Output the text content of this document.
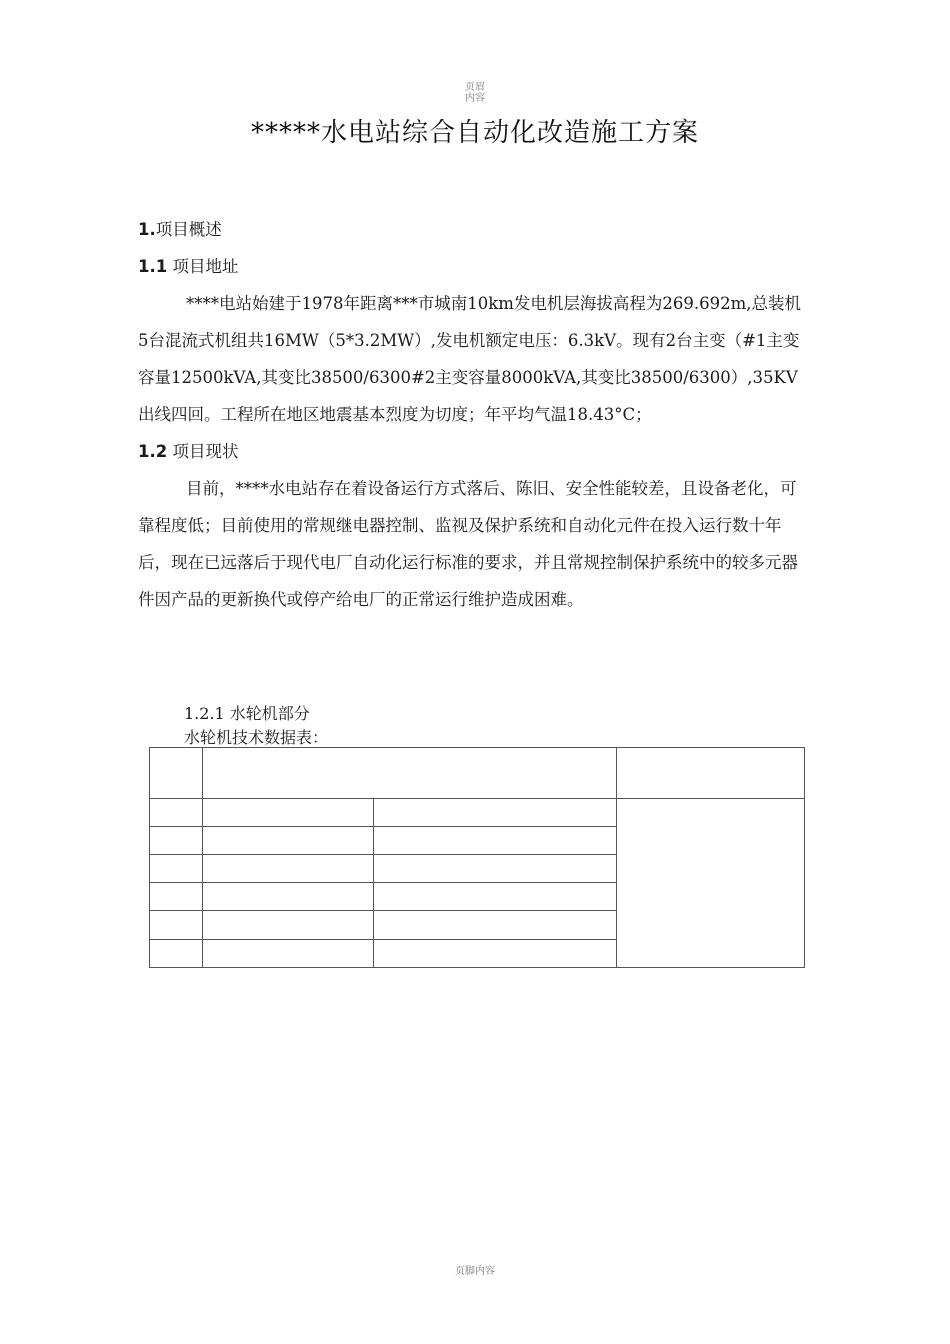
页眉
内容
*****水电站综合自动化改造施工方案

1.项目概述

1.1 项目地址

****电站始建于1978年距离***市城南10km发电机层海拔高程为269.692m,总装机5台混流式机组共16MW（5*3.2MW）,发电机额定电压：6.3kV。现有2台主变（#1主变容量12500kVA,其变比38500/6300#2主变容量8000kVA,其变比38500/6300）,35KV出线四回。工程所在地区地震基本烈度为切度；年平均气温18.43°C；

1.2 项目现状

目前，****水电站存在着设备运行方式落后、陈旧、安全性能较差，且设备老化，可靠程度低；目前使用的常规继电器控制、监视及保护系统和自动化元件在投入运行数十年后，现在已远落后于现代电厂自动化运行标准的要求，并且常规控制保护系统中的较多元器件因产品的更新换代或停产给电厂的正常运行维护造成困难。

1.2.1 水轮机部分
水轮机技术数据表：

页脚内容
